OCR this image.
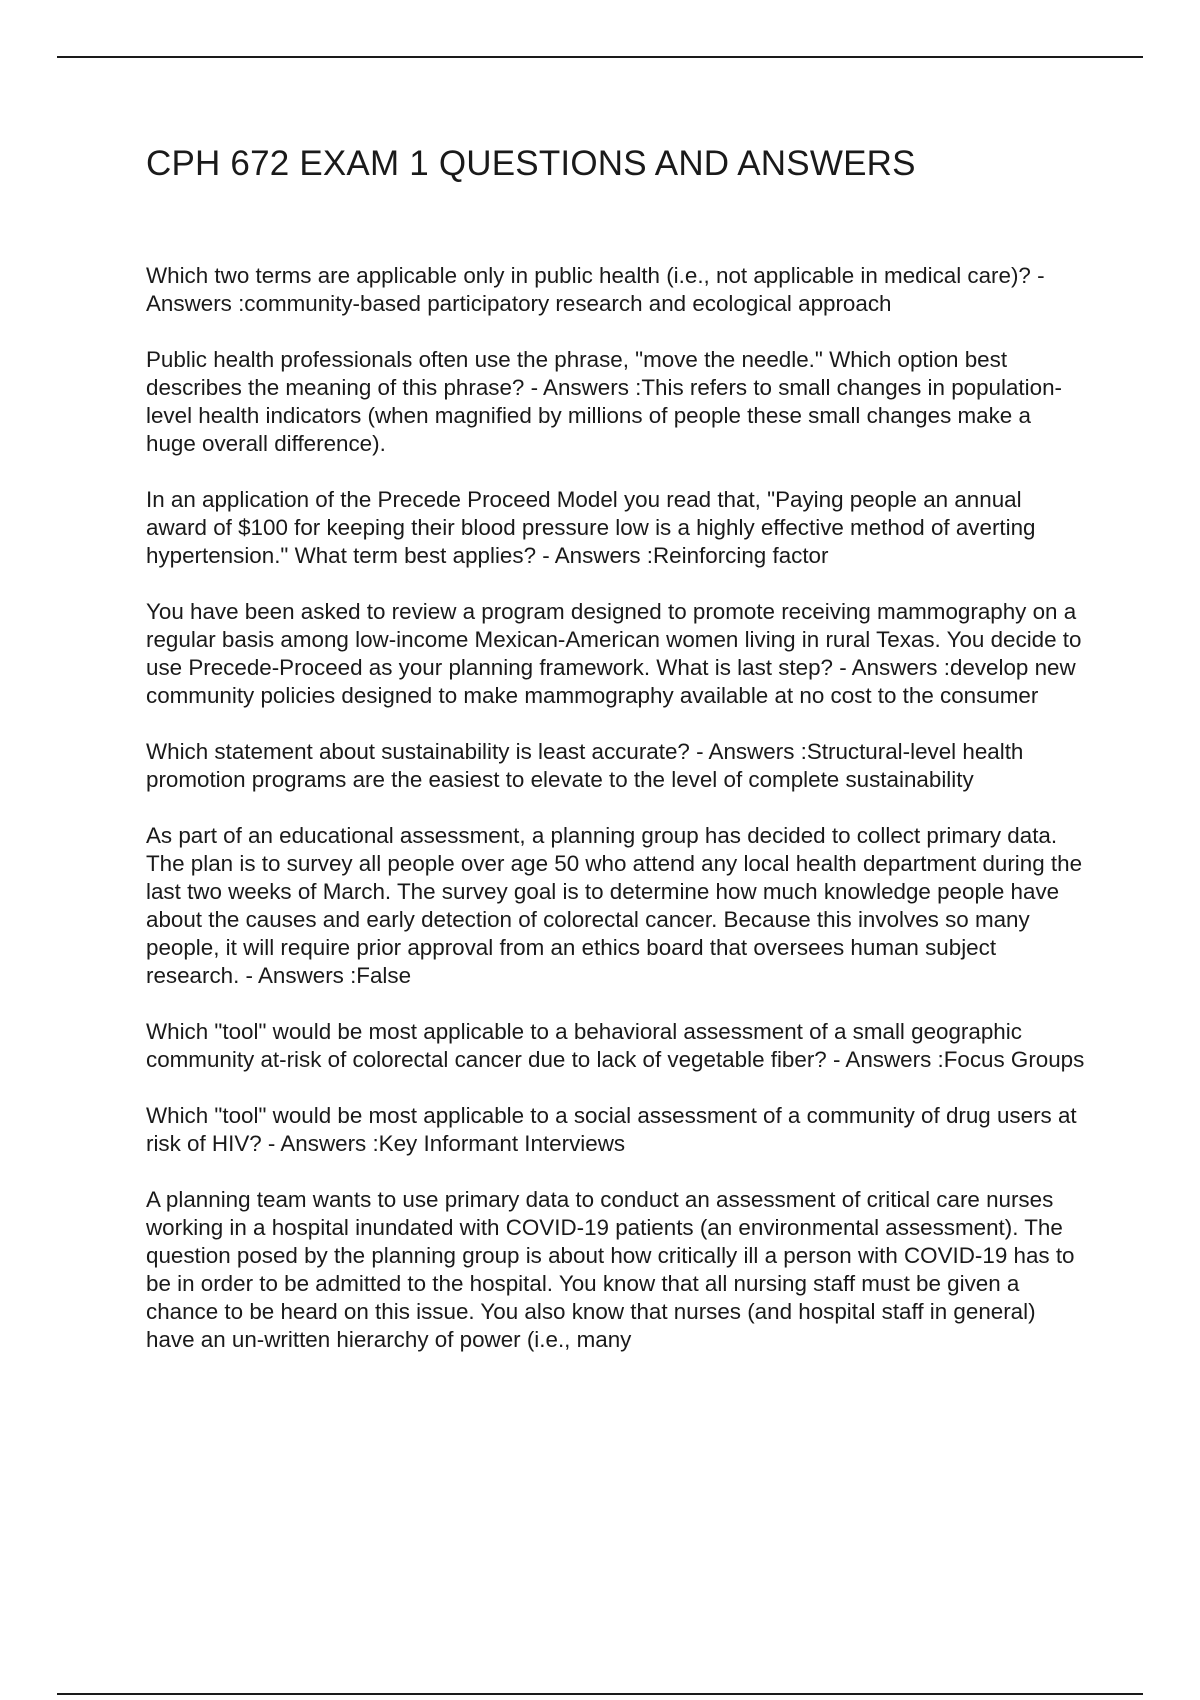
CPH 672 EXAM 1 QUESTIONS AND ANSWERS

Which two terms are applicable only in public health (i.e., not applicable in medical care)? - Answers :community-based participatory research and ecological approach

Public health professionals often use the phrase, "move the needle." Which option best describes the meaning of this phrase? - Answers :This refers to small changes in population-level health indicators (when magnified by millions of people these small changes make a huge overall difference).

In an application of the Precede Proceed Model you read that, "Paying people an annual award of $100 for keeping their blood pressure low is a highly effective method of averting hypertension." What term best applies? - Answers :Reinforcing factor

You have been asked to review a program designed to promote receiving mammography on a regular basis among low-income Mexican-American women living in rural Texas. You decide to use Precede-Proceed as your planning framework. What is last step? - Answers :develop new community policies designed to make mammography available at no cost to the consumer

Which statement about sustainability is least accurate? - Answers :Structural-level health promotion programs are the easiest to elevate to the level of complete sustainability

As part of an educational assessment, a planning group has decided to collect primary data. The plan is to survey all people over age 50 who attend any local health department during the last two weeks of March. The survey goal is to determine how much knowledge people have about the causes and early detection of colorectal cancer. Because this involves so many people, it will require prior approval from an ethics board that oversees human subject research. - Answers :False

Which "tool" would be most applicable to a behavioral assessment of a small geographic community at-risk of colorectal cancer due to lack of vegetable fiber? - Answers :Focus Groups

Which "tool" would be most applicable to a social assessment of a community of drug users at risk of HIV? - Answers :Key Informant Interviews

A planning team wants to use primary data to conduct an assessment of critical care nurses working in a hospital inundated with COVID-19 patients (an environmental assessment). The question posed by the planning group is about how critically ill a person with COVID-19 has to be in order to be admitted to the hospital. You know that all nursing staff must be given a chance to be heard on this issue. You also know that nurses (and hospital staff in general) have an un-written hierarchy of power (i.e., many
